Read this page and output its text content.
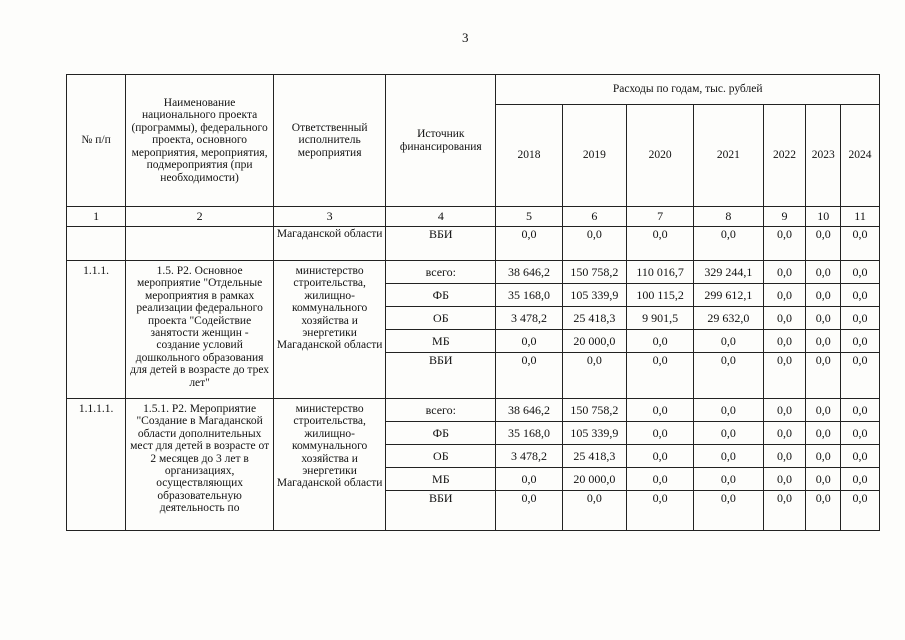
3
№ п/п	Наименование национального проекта (программы), федерального проекта, основного мероприятия, мероприятия, подмероприятия (при необходимости)	Ответственный исполнитель мероприятия	Источник финансирования	Расходы по годам, тыс. рублей						
				2018	2019	2020	2021	2022	2023	2024
1	2	3	4	5	6	7	8	9	10	11
		Магаданской области	ВБИ	0,0	0,0	0,0	0,0	0,0	0,0	0,0
1.1.1.	1.5. Р2. Основное мероприятие "Отдельные мероприятия в рамках реализации федерального проекта "Содействие занятости женщин - создание условий дошкольного образования для детей в возрасте до трех лет"	министерство строительства, жилищно-коммунального хозяйства и энергетики Магаданской области	всего:	38 646,2	150 758,2	110 016,7	329 244,1	0,0	0,0	0,0
			ФБ	35 168,0	105 339,9	100 115,2	299 612,1	0,0	0,0	0,0
			ОБ	3 478,2	25 418,3	9 901,5	29 632,0	0,0	0,0	0,0
			МБ	0,0	20 000,0	0,0	0,0	0,0	0,0	0,0
			ВБИ	0,0	0,0	0,0	0,0	0,0	0,0	0,0
1.1.1.1.	1.5.1. Р2. Мероприятие "Создание в Магаданской области дополнительных мест для детей в возрасте от 2 месяцев до 3 лет в организациях, осуществляющих образовательную деятельность по	министерство строительства, жилищно-коммунального хозяйства и энергетики Магаданской области	всего:	38 646,2	150 758,2	0,0	0,0	0,0	0,0	0,0
			ФБ	35 168,0	105 339,9	0,0	0,0	0,0	0,0	0,0
			ОБ	3 478,2	25 418,3	0,0	0,0	0,0	0,0	0,0
			МБ	0,0	20 000,0	0,0	0,0	0,0	0,0	0,0
			ВБИ	0,0	0,0	0,0	0,0	0,0	0,0	0,0
